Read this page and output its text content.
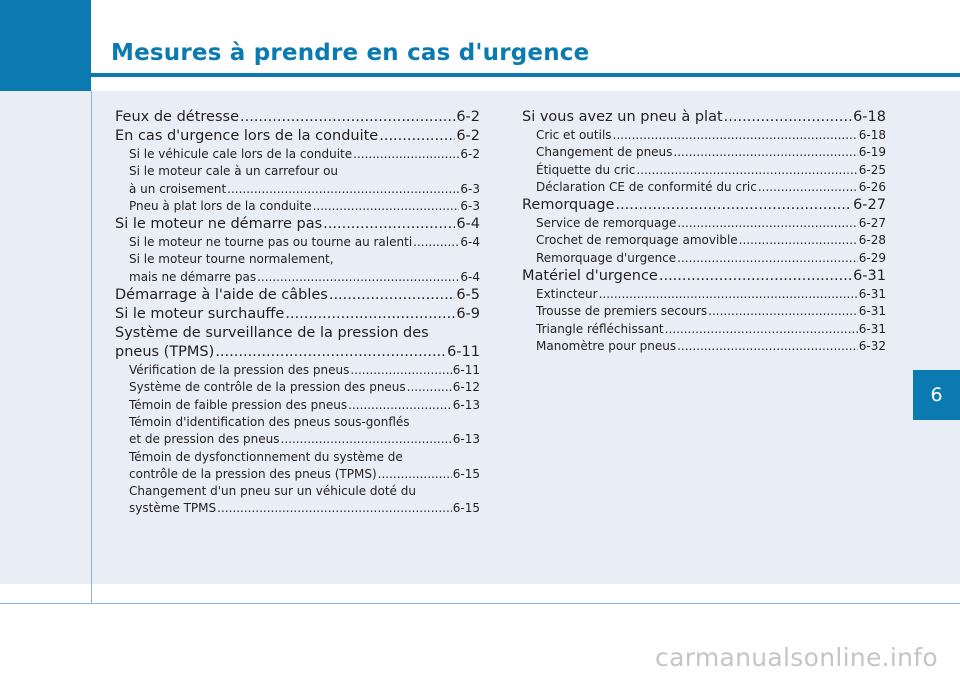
Mesures à prendre en cas d'urgence
6
Feux de détresse .....	6-2
En cas d'urgence lors de la conduite .....	6-2
Si le véhicule cale lors de la conduite .....	6-2
Si le moteur cale à un carrefour ou
à un croisement .....	6-3
Pneu à plat lors de la conduite .....	6-3
Si le moteur ne démarre pas .....	6-4
Si le moteur ne tourne pas ou tourne au ralenti .....	6-4
Si le moteur tourne normalement,
mais ne démarre pas .....	6-4
Démarrage à l'aide de câbles .....	6-5
Si le moteur surchauffe .....	6-9
Système de surveillance de la pression des
pneus (TPMS) .....	6-11
Vérification de la pression des pneus .....	6-11
Système de contrôle de la pression des pneus .....	6-12
Témoin de faible pression des pneus .....	6-13
Témoin d'identification des pneus sous-gonflés
et de pression des pneus .....	6-13
Témoin de dysfonctionnement du système de
contrôle de la pression des pneus (TPMS) .....	6-15
Changement d'un pneu sur un véhicule doté du
système TPMS .....	6-15
Si vous avez un pneu à plat .....	6-18
Cric et outils .....	6-18
Changement de pneus .....	6-19
Étiquette du cric .....	6-25
Déclaration CE de conformité du cric .....	6-26
Remorquage .....	6-27
Service de remorquage .....	6-27
Crochet de remorquage amovible .....	6-28
Remorquage d'urgence .....	6-29
Matériel d'urgence .....	6-31
Extincteur .....	6-31
Trousse de premiers secours .....	6-31
Triangle réfléchissant .....	6-31
Manomètre pour pneus .....	6-32
carmanualsonline.info
